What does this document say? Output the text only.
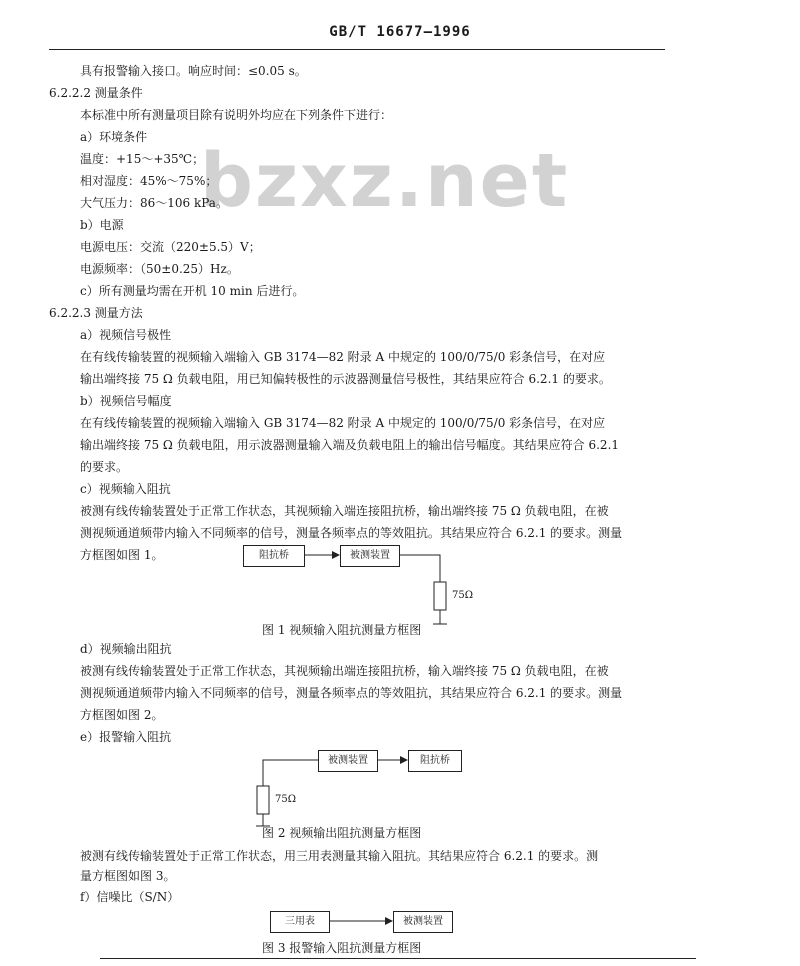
GB/T 16677—1996
bzxz.net
具有报警输入接口。响应时间：≤0.05 s。
6.2.2.2 测量条件
本标准中所有测量项目除有说明外均应在下列条件下进行：
a）环境条件
温度：+15～+35℃；
相对湿度：45%～75%；
大气压力：86～106 kPa。
b）电源
电源电压：交流（220±5.5）V；
电源频率：（50±0.25）Hz。
c）所有测量均需在开机 10 min 后进行。
6.2.2.3 测量方法
a）视频信号极性
在有线传输装置的视频输入端输入 GB 3174—82 附录 A 中规定的 100/0/75/0 彩条信号，在对应
输出端终接 75 Ω 负载电阻，用已知偏转极性的示波器测量信号极性，其结果应符合 6.2.1 的要求。
b）视频信号幅度
在有线传输装置的视频输入端输入 GB 3174—82 附录 A 中规定的 100/0/75/0 彩条信号，在对应
输出端终接 75 Ω 负载电阻，用示波器测量输入端及负载电阻上的输出信号幅度。其结果应符合 6.2.1
的要求。
c）视频输入阻抗
被测有线传输装置处于正常工作状态，其视频输入端连接阻抗桥，输出端终接 75 Ω 负载电阻，在被
测视频通道频带内输入不同频率的信号，测量各频率点的等效阻抗。其结果应符合 6.2.1 的要求。测量
方框图如图 1。	阻抗桥	被测装置
75Ω
图 1 视频输入阻抗测量方框图
d）视频输出阻抗
被测有线传输装置处于正常工作状态，其视频输出端连接阻抗桥，输入端终接 75 Ω 负载电阻，在被
测视频通道频带内输入不同频率的信号，测量各频率点的等效阻抗，其结果应符合 6.2.1 的要求。测量
方框图如图 2。
e）报警输入阻抗
被测装置	阻抗桥
75Ω
图 2 视频输出阻抗测量方框图
被测有线传输装置处于正常工作状态，用三用表测量其输入阻抗。其结果应符合 6.2.1 的要求。测
量方框图如图 3。
f）信噪比（S/N）
三用表	被测装置
图 3 报警输入阻抗测量方框图
